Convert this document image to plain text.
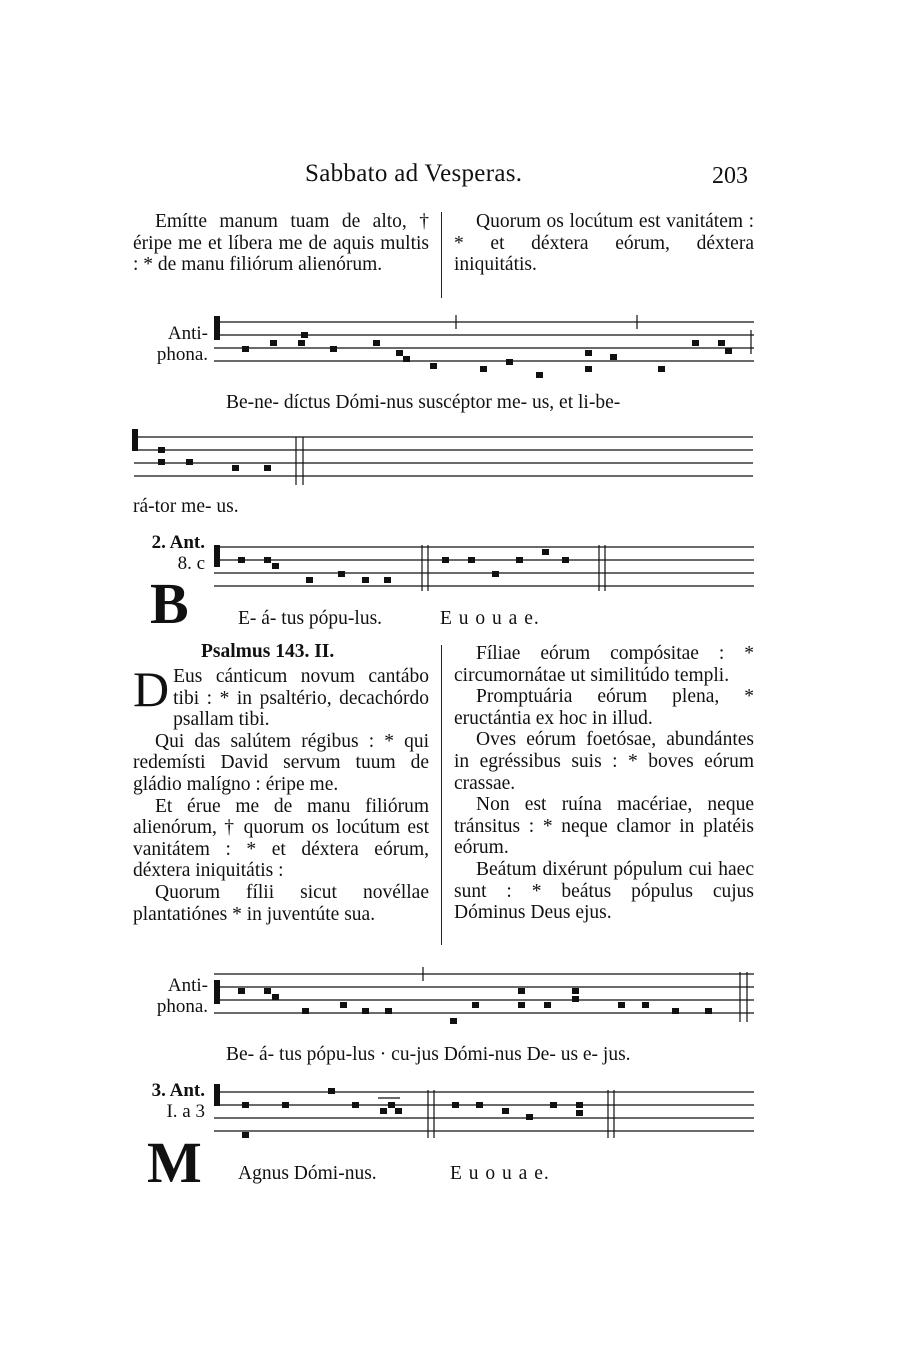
Sabbato ad Vesperas.	203

Emítte manum tuam de alto, † éripe me et líbera me de aquis multis : * de manu filiórum alienórum.

Quorum os locútum est vanitátem : * et déxtera eórum, déxtera iniquitátis.

Anti- phona.
Be-ne- díctus Dómi-nus suscéptor me- us, et li-be-
rá-tor me- us.
2. Ant.
8. c
B	E- á- tus pópu-lus.	E u o u a e.
Psalmus 143. II.

D Eus cánticum novum cantábo tibi : * in psaltério, decachórdo psallam tibi.

Qui das salútem régibus : * qui redemísti David servum tuum de gládio malígno : éripe me.

Et érue me de manu filiórum alienórum, † quorum os locútum est vanitátem : * et déxtera eórum, déxtera iniquitátis :

Quorum fílii sicut novéllae plantatiónes * in juventúte sua.

Fíliae eórum compósitae : * circumornátae ut similitúdo templi.

Promptuária eórum plena, * eructántia ex hoc in illud.

Oves eórum foetósae, abundántes in egréssibus suis : * boves eórum crassae.

Non est ruína macériae, neque tránsitus : * neque clamor in platéis eórum.

Beátum dixérunt pópulum cui haec sunt : * beátus pópulus cujus Dóminus Deus ejus.

Anti- phona.
Be- á- tus pópu-lus · cu-jus Dómi-nus De- us e- jus.
3. Ant.
I. a 3
M Agnus Dómi-nus.	E u o u a e.
